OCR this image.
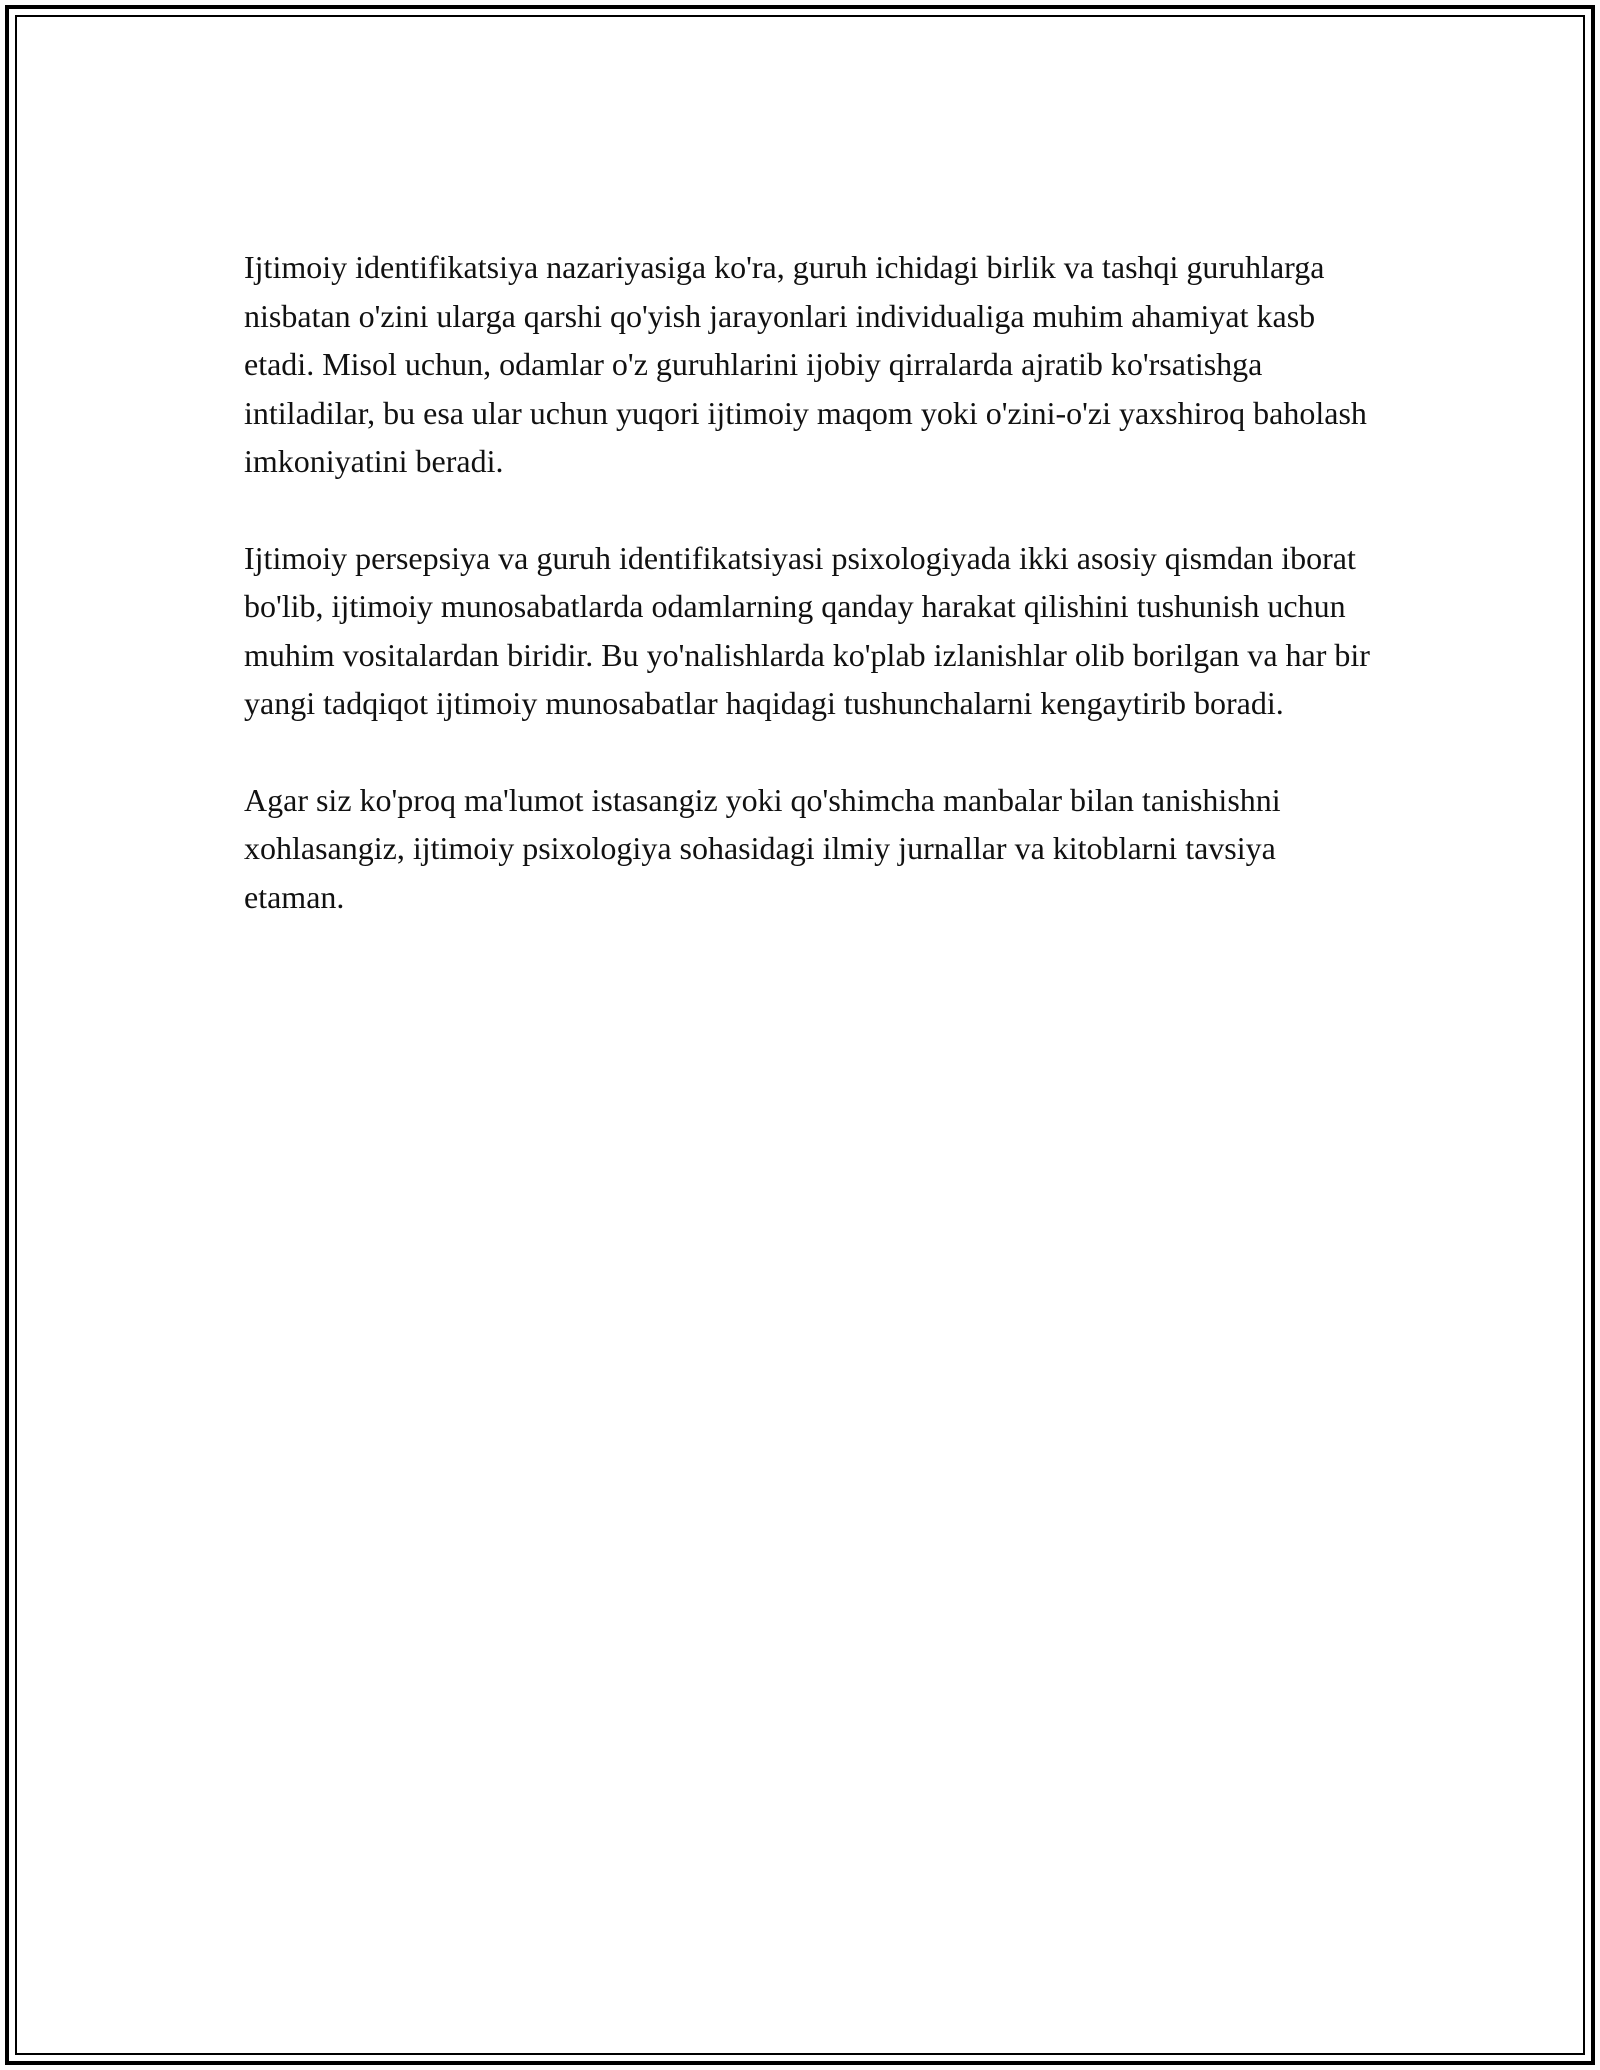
Ijtimoiy identifikatsiya nazariyasiga ko'ra, guruh ichidagi birlik va tashqi guruhlarga nisbatan o'zini ularga qarshi qo'yish jarayonlari individualiga muhim ahamiyat kasb etadi. Misol uchun, odamlar o'z guruhlarini ijobiy qirralarda ajratib ko'rsatishga intiladilar, bu esa ular uchun yuqori ijtimoiy maqom yoki o'zini-o'zi yaxshiroq baholash imkoniyatini beradi.

Ijtimoiy persepsiya va guruh identifikatsiyasi psixologiyada ikki asosiy qismdan iborat bo'lib, ijtimoiy munosabatlarda odamlarning qanday harakat qilishini tushunish uchun muhim vositalardan biridir. Bu yo'nalishlarda ko'plab izlanishlar olib borilgan va har bir yangi tadqiqot ijtimoiy munosabatlar haqidagi tushunchalarni kengaytirib boradi.

Agar siz ko'proq ma'lumot istasangiz yoki qo'shimcha manbalar bilan tanishishni xohlasangiz, ijtimoiy psixologiya sohasidagi ilmiy jurnallar va kitoblarni tavsiya etaman.
